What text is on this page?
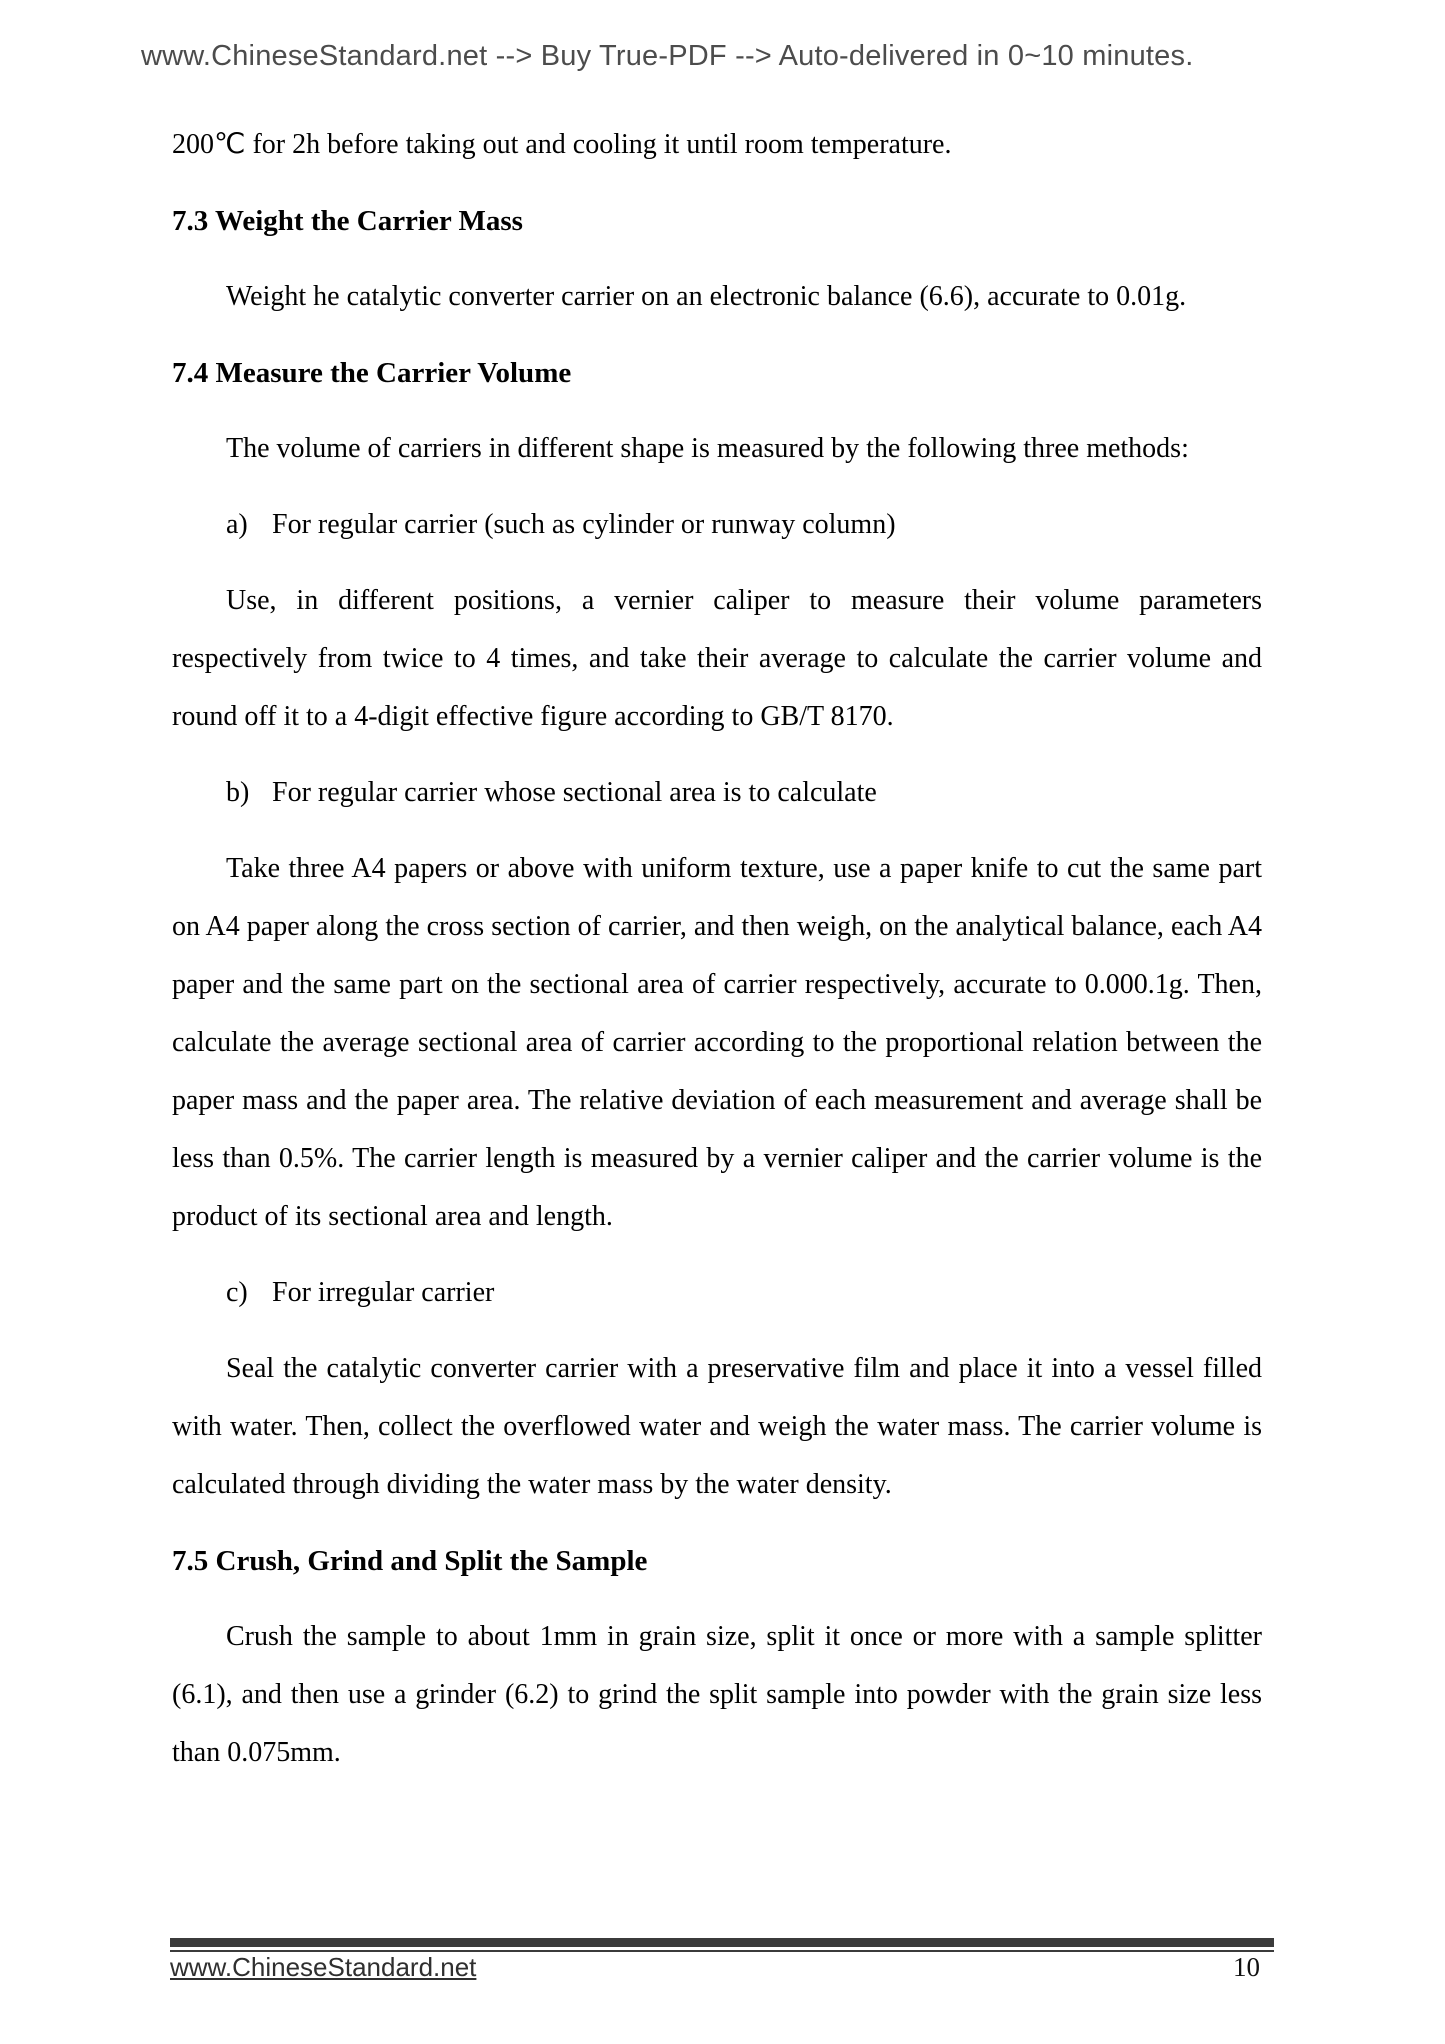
www.ChineseStandard.net --> Buy True-PDF --> Auto-delivered in 0~10 minutes.

200℃ for 2h before taking out and cooling it until room temperature.

7.3 Weight the Carrier Mass

Weight he catalytic converter carrier on an electronic balance (6.6), accurate to 0.01g.

7.4 Measure the Carrier Volume

The volume of carriers in different shape is measured by the following three methods:

a) For regular carrier (such as cylinder or runway column)

Use, in different positions, a vernier caliper to measure their volume parameters respectively from twice to 4 times, and take their average to calculate the carrier volume and round off it to a 4-digit effective figure according to GB/T 8170.

b) For regular carrier whose sectional area is to calculate

Take three A4 papers or above with uniform texture, use a paper knife to cut the same part on A4 paper along the cross section of carrier, and then weigh, on the analytical balance, each A4 paper and the same part on the sectional area of carrier respectively, accurate to 0.000.1g. Then, calculate the average sectional area of carrier according to the proportional relation between the paper mass and the paper area. The relative deviation of each measurement and average shall be less than 0.5%. The carrier length is measured by a vernier caliper and the carrier volume is the product of its sectional area and length.

c) For irregular carrier

Seal the catalytic converter carrier with a preservative film and place it into a vessel filled with water. Then, collect the overflowed water and weigh the water mass. The carrier volume is calculated through dividing the water mass by the water density.

7.5 Crush, Grind and Split the Sample

Crush the sample to about 1mm in grain size, split it once or more with a sample splitter (6.1), and then use a grinder (6.2) to grind the split sample into powder with the grain size less than 0.075mm.

www.ChineseStandard.net	10
